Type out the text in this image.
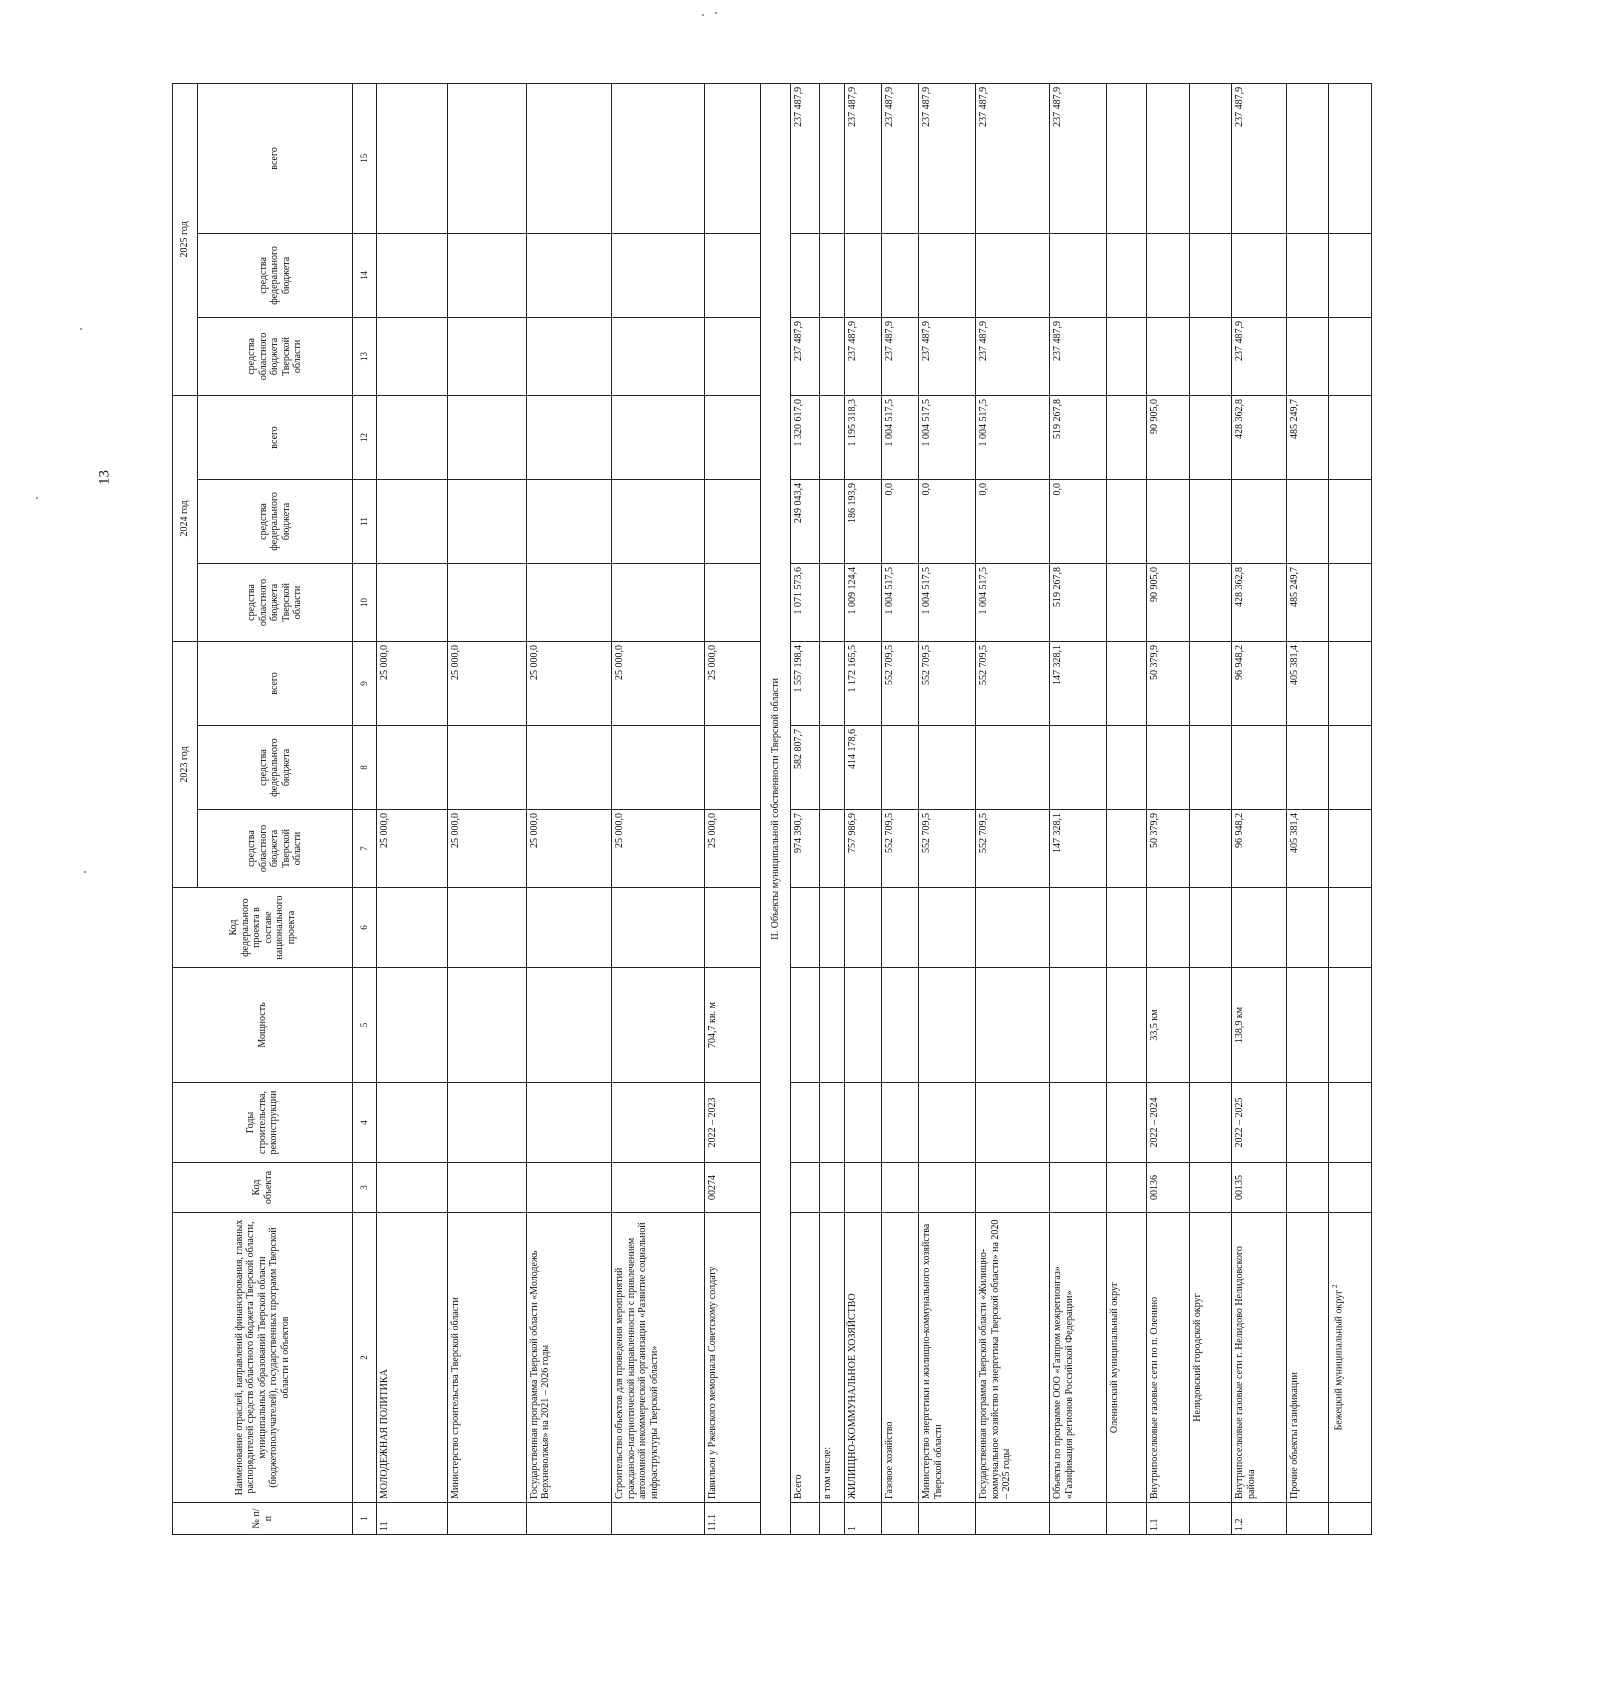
13
№ п/п	Наименование отраслей, направлений финансирования, главных распорядителей средств областного бюджета Тверской области, муниципальных образований Тверской области (бюджетополучателей), государственных программ Тверской области и объектов	Код объекта	Годы строительства, реконструкции	Мощность	Код федерального проекта в составе национального проекта	2023 год			2024 год			2025 год		
						средства областного бюджета Тверской области	средства федерального бюджета	всего	средства областного бюджета Тверской области	средства федерального бюджета	всего	средства областного бюджета Тверской области	средства федерального бюджета	всего
1	2	3	4	5	6	7	8	9	10	11	12	13	14	15
11	МОЛОДЕЖНАЯ ПОЛИТИКА					25 000,0		25 000,0						
	Министерство строительства Тверской области					25 000,0		25 000,0						
	Государственная программа Тверской области «Молодежь Верхневолжья» на 2021 – 2026 годы					25 000,0		25 000,0						
	Строительство объектов для проведения мероприятий гражданско-патриотической направленности с привлечением автономной некоммерческой организации «Развитие социальной инфраструктуры Тверской области»					25 000,0		25 000,0						
11.1	Павильон у Ржевского мемориала Советскому солдату	00274	2022 – 2023	704,7 кв. м		25 000,0		25 000,0						
II. Объекты муниципальной собственности Тверской области														
	Всего					974 390,7	582 807,7	1 557 198,4	1 071 573,6	249 043,4	1 320 617,0	237 487,9		237 487,9
	в том числе:													
1	ЖИЛИЩНО-КОММУНАЛЬНОЕ ХОЗЯЙСТВО					757 986,9	414 178,6	1 172 165,5	1 009 124,4	186 193,9	1 195 318,3	237 487,9		237 487,9
	Газовое хозяйство					552 709,5		552 709,5	1 004 517,5	0,0	1 004 517,5	237 487,9		237 487,9
	Министерство энергетики и жилищно-коммунального хозяйства Тверской области					552 709,5		552 709,5	1 004 517,5	0,0	1 004 517,5	237 487,9		237 487,9
	Государственная программа Тверской области «Жилищно-коммунальное хозяйство и энергетика Тверской области» на 2020 – 2025 годы					552 709,5		552 709,5	1 004 517,5	0,0	1 004 517,5	237 487,9		237 487,9
	Объекты по программе ООО «Газпром межрегионгаз» «Газификация регионов Российской Федерации»					147 328,1		147 328,1	519 267,8	0,0	519 267,8	237 487,9		237 487,9
	Оленинский муниципальный округ													
1.1	Внутрипоселковые газовые сети по п. Оленино	00136	2022 – 2024	33,5 км		50 379,9		50 379,9	90 905,0		90 905,0			
	Нелидовский городской округ													
1.2	Внутрипоселковые газовые сети г. Нелидово Нелидовского района	00135	2022 – 2025	138,9 км		96 948,2		96 948,2	428 362,8		428 362,8	237 487,9		237 487,9
	Прочие объекты газификации					405 381,4		405 381,4	485 249,7		485 249,7			
	Бежецкий муниципальный округ $^2$													
